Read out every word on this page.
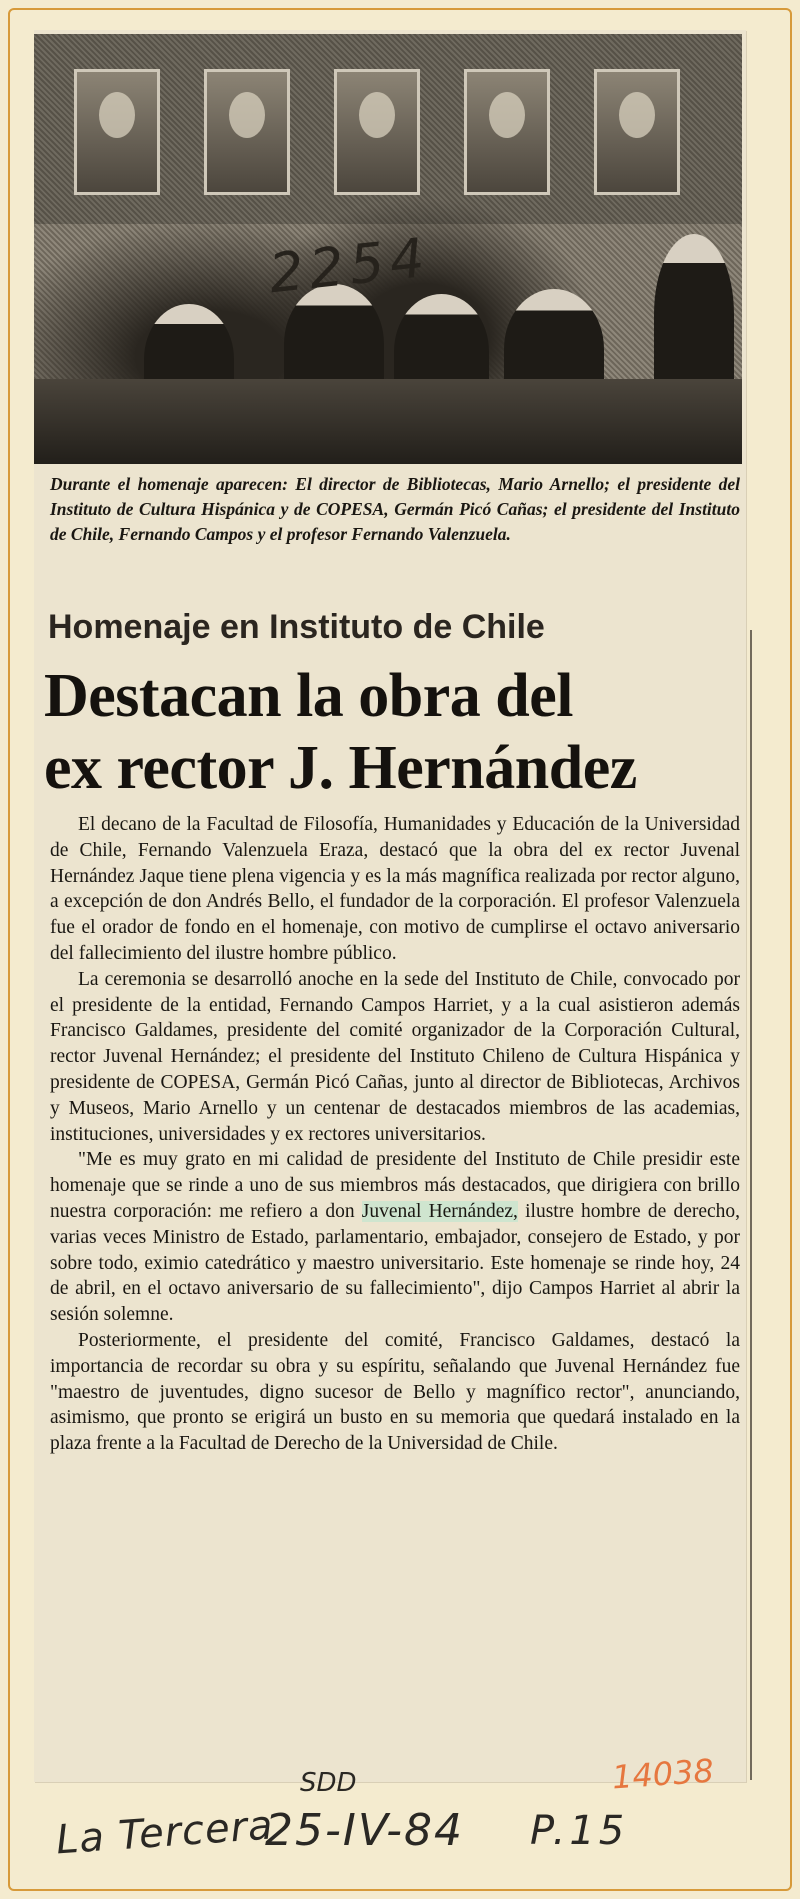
2254

Durante el homenaje aparecen: El director de Bibliotecas, Mario Arnello; el presidente del Instituto de Cultura Hispánica y de COPESA, Germán Picó Cañas; el presidente del Instituto de Chile, Fernando Campos y el profesor Fernando Valenzuela.

Homenaje en Instituto de Chile
Destacan la obra del
ex rector J. Hernández

El decano de la Facultad de Filosofía, Humanidades y Educación de la Universidad de Chile, Fernando Valenzuela Eraza, destacó que la obra del ex rector Juvenal Hernández Jaque tiene plena vigencia y es la más magnífica realizada por rector alguno, a excepción de don Andrés Bello, el fundador de la corporación. El profesor Valenzuela fue el orador de fondo en el homenaje, con motivo de cumplirse el octavo aniversario del fallecimiento del ilustre hombre público.

La ceremonia se desarrolló anoche en la sede del Instituto de Chile, convocado por el presidente de la entidad, Fernando Campos Harriet, y a la cual asistieron además Francisco Galdames, presidente del comité organizador de la Corporación Cultural, rector Juvenal Hernández; el presidente del Instituto Chileno de Cultura Hispánica y presidente de COPESA, Germán Picó Cañas, junto al director de Bibliotecas, Archivos y Museos, Mario Arnello y un centenar de destacados miembros de las academias, instituciones, universidades y ex rectores universitarios.

"Me es muy grato en mi calidad de presidente del Instituto de Chile presidir este homenaje que se rinde a uno de sus miembros más destacados, que dirigiera con brillo nuestra corporación: me refiero a don Juvenal Hernández, ilustre hombre de derecho, varias veces Ministro de Estado, parlamentario, embajador, consejero de Estado, y por sobre todo, eximio catedrático y maestro universitario. Este homenaje se rinde hoy, 24 de abril, en el octavo aniversario de su fallecimiento", dijo Campos Harriet al abrir la sesión solemne.

Posteriormente, el presidente del comité, Francisco Galdames, destacó la importancia de recordar su obra y su espíritu, señalando que Juvenal Hernández fue "maestro de juventudes, digno sucesor de Bello y magnífico rector", anunciando, asimismo, que pronto se erigirá un busto en su memoria que quedará instalado en la plaza frente a la Facultad de Derecho de la Universidad de Chile.

14038
SDD
La Tercera
25-IV-84 P.15
